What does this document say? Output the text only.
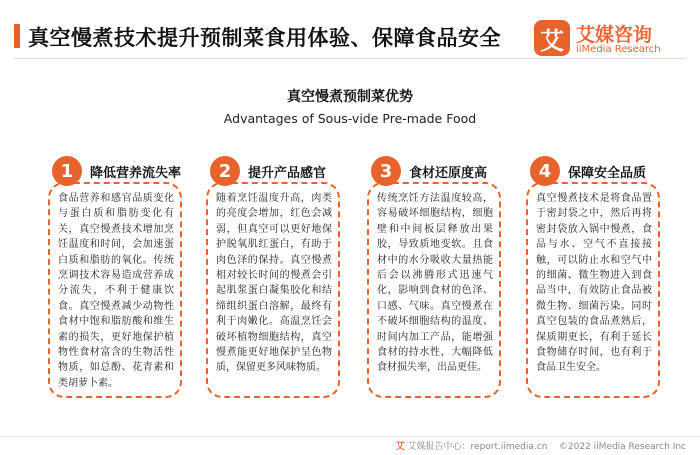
真空慢煮技术提升预制菜食用体验、保障食品安全 艾 艾媒咨询
iiMedia Research
真空慢煮预制菜优势
Advantages of Sous-vide Pre-made Food
1	降低营养流失率
食品营养和感官品质变化与蛋白质和脂肪变化有关，真空慢煮技术增加烹饪温度和时间，会加速蛋白质和脂肪的氧化。传统烹调技术容易造成营养成分流失，不利于健康饮食。真空慢煮减少动物性食材中饱和脂肪酸和维生素的损失，更好地保护植物性食材富含的生物活性物质，如总酚、花青素和类胡萝卜素。
2	提升产品感官
随着烹饪温度升高，肉类的亮度会增加，红色会减弱，但真空可以更好地保护脱氧肌红蛋白，有助于肉色泽的保持。真空慢煮相对较长时间的慢煮会引起肌浆蛋白凝集胶化和结缔组织蛋白溶解，最终有利于肉嫩化。高温烹饪会破坏植物细胞结构，真空慢煮能更好地保护呈色物质，保留更多风味物质。
3	食材还原度高
传统烹饪方法温度较高，容易破坏细胞结构，细胞壁和中间板层释放出果胶，导致质地变软。且食材中的水分吸收大量热能后会以沸腾形式迅速气化，影响到食材的色泽、口感、气味。真空慢煮在不破坏细胞结构的温度、时间内加工产品，能增强食材的持水性，大幅降低食材损失率，出品更佳。
4	保障安全品质
真空慢煮技术是将食品置于密封袋之中，然后再将密封袋放入锅中慢煮，食品与水、空气不直接接触，可以防止水和空气中的细菌、微生物进入到食品当中，有效防止食品被微生物、细菌污染。同时真空包装的食品煮熟后，保质期更长，有利于延长食物储存时间，也有利于食品卫生安全。
艾 艾媒报告中心：report.iimedia.cn ©2022 iiMedia Research Inc
